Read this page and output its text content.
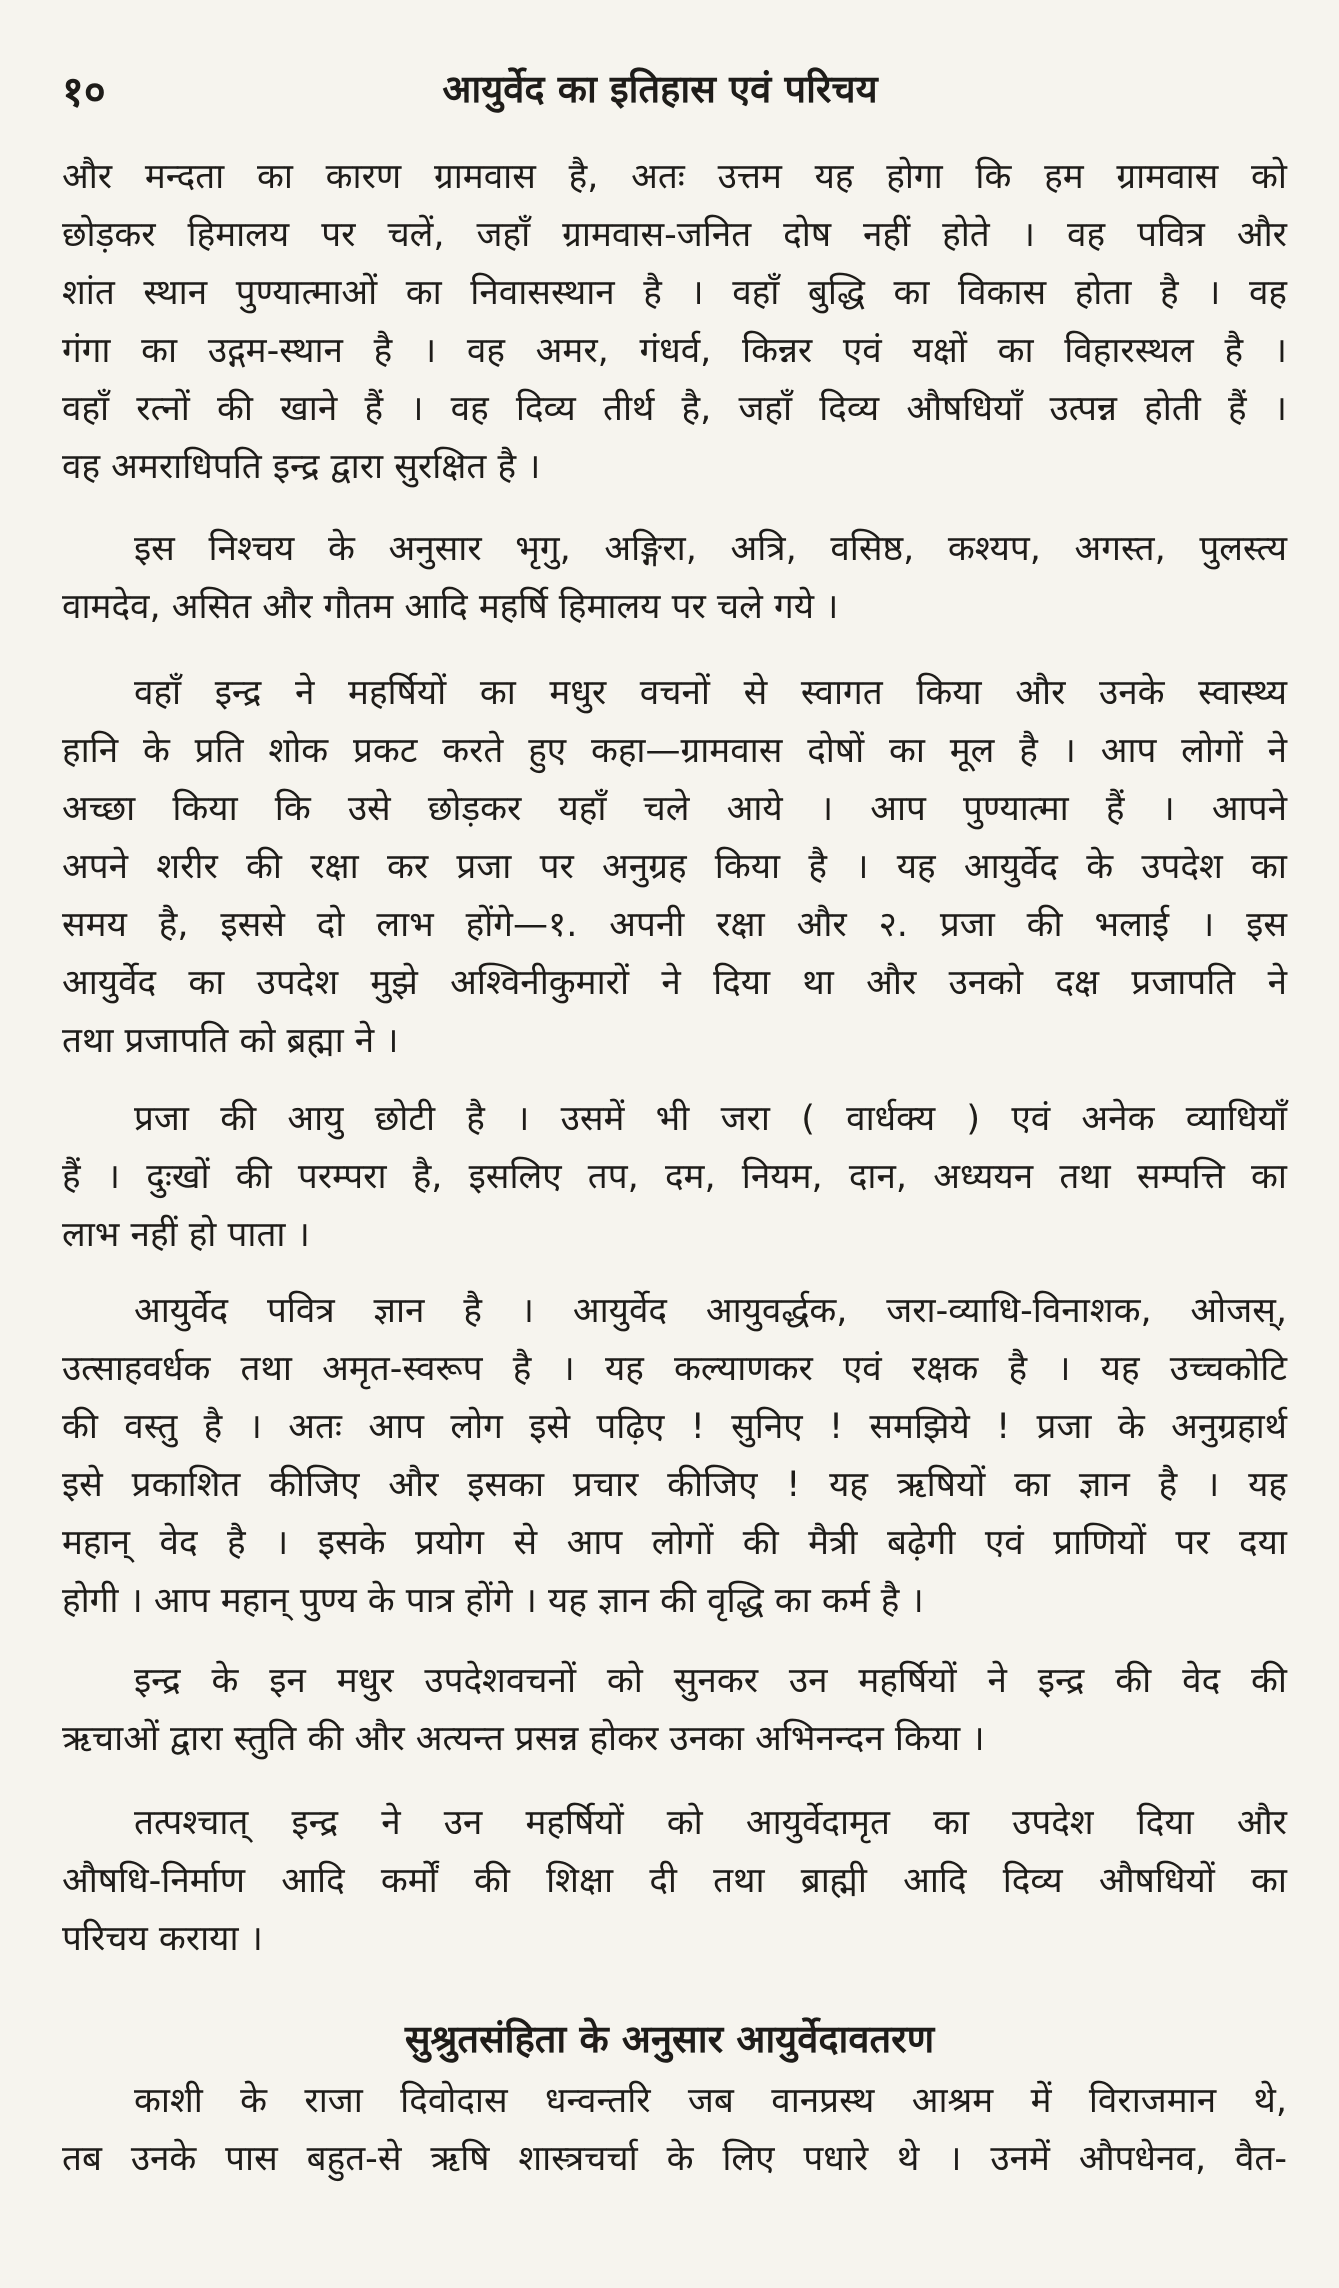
१०	आयुर्वेद का इतिहास एवं परिचय

और मन्दता का कारण ग्रामवास है, अतः उत्तम यह होगा कि हम ग्रामवास को
छोड़कर हिमालय पर चलें, जहाँ ग्रामवास-जनित दोष नहीं होते । वह पवित्र और
शांत स्थान पुण्यात्माओं का निवासस्थान है । वहाँ बुद्धि का विकास होता है । वह
गंगा का उद्गम-स्थान है । वह अमर, गंधर्व, किन्नर एवं यक्षों का विहारस्थल है ।
वहाँ रत्नों की खाने हैं । वह दिव्य तीर्थ है, जहाँ दिव्य औषधियाँ उत्पन्न होती हैं ।
वह अमराधिपति इन्द्र द्वारा सुरक्षित है ।

इस निश्चय के अनुसार भृगु, अङ्गिरा, अत्रि, वसिष्ठ, कश्यप, अगस्त, पुलस्त्य
वामदेव, असित और गौतम आदि महर्षि हिमालय पर चले गये ।

वहाँ इन्द्र ने महर्षियों का मधुर वचनों से स्वागत किया और उनके स्वास्थ्य
हानि के प्रति शोक प्रकट करते हुए कहा—ग्रामवास दोषों का मूल है । आप लोगों ने
अच्छा किया कि उसे छोड़कर यहाँ चले आये । आप पुण्यात्मा हैं । आपने
अपने शरीर की रक्षा कर प्रजा पर अनुग्रह किया है । यह आयुर्वेद के उपदेश का
समय है, इससे दो लाभ होंगे—१. अपनी रक्षा और २. प्रजा की भलाई । इस
आयुर्वेद का उपदेश मुझे अश्विनीकुमारों ने दिया था और उनको दक्ष प्रजापति ने
तथा प्रजापति को ब्रह्मा ने ।

प्रजा की आयु छोटी है । उसमें भी जरा ( वार्धक्य ) एवं अनेक व्याधियाँ
हैं । दुःखों की परम्परा है, इसलिए तप, दम, नियम, दान, अध्ययन तथा सम्पत्ति का
लाभ नहीं हो पाता ।

आयुर्वेद पवित्र ज्ञान है । आयुर्वेद आयुवर्द्धक, जरा-व्याधि-विनाशक, ओजस्,
उत्साहवर्धक तथा अमृत-स्वरूप है । यह कल्याणकर एवं रक्षक है । यह उच्चकोटि
की वस्तु है । अतः आप लोग इसे पढ़िए ! सुनिए ! समझिये ! प्रजा के अनुग्रहार्थ
इसे प्रकाशित कीजिए और इसका प्रचार कीजिए ! यह ऋषियों का ज्ञान है । यह
महान् वेद है । इसके प्रयोग से आप लोगों की मैत्री बढ़ेगी एवं प्राणियों पर दया
होगी । आप महान् पुण्य के पात्र होंगे । यह ज्ञान की वृद्धि का कर्म है ।

इन्द्र के इन मधुर उपदेशवचनों को सुनकर उन महर्षियों ने इन्द्र की वेद की
ऋचाओं द्वारा स्तुति की और अत्यन्त प्रसन्न होकर उनका अभिनन्दन किया ।

तत्पश्चात् इन्द्र ने उन महर्षियों को आयुर्वेदामृत का उपदेश दिया और
औषधि-निर्माण आदि कर्मों की शिक्षा दी तथा ब्राह्मी आदि दिव्य औषधियों का
परिचय कराया ।

सुश्रुतसंहिता के अनुसार आयुर्वेदावतरण

काशी के राजा दिवोदास धन्वन्तरि जब वानप्रस्थ आश्रम में विराजमान थे,
तब उनके पास बहुत-से ऋषि शास्त्रचर्चा के लिए पधारे थे । उनमें औपधेनव, वैत-
